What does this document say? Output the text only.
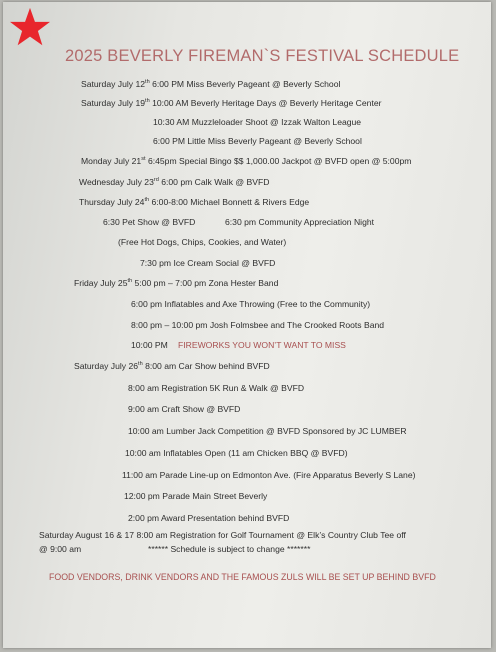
2025 BEVERLY FIREMAN`S FESTIVAL SCHEDULE
Saturday July 12th 6:00 PM Miss Beverly Pageant @ Beverly School
Saturday July 19th 10:00 AM Beverly Heritage Days @ Beverly Heritage Center
10:30 AM Muzzleloader Shoot @ Izzak Walton League
6:00 PM Little Miss Beverly Pageant @ Beverly School
Monday July 21st 6:45pm Special Bingo $$ 1,000.00 Jackpot @ BVFD open @ 5:00pm
Wednesday July 23rd 6:00 pm Calk Walk @ BVFD
Thursday July 24th 6:00-8:00 Michael Bonnett & Rivers Edge
6:30 Pet Show @ BVFD	6:30 pm Community Appreciation Night
(Free Hot Dogs, Chips, Cookies, and Water)
7:30 pm Ice Cream Social @ BVFD
Friday July 25th 5:00 pm – 7:00 pm Zona Hester Band
6:00 pm Inflatables and Axe Throwing (Free to the Community)
8:00 pm – 10:00 pm Josh Folmsbee and The Crooked Roots Band
10:00 PM FIREWORKS YOU WON’T WANT TO MISS
Saturday July 26th 8:00 am Car Show behind BVFD
8:00 am Registration 5K Run & Walk @ BVFD
9:00 am Craft Show @ BVFD
10:00 am Lumber Jack Competition @ BVFD Sponsored by JC LUMBER
10:00 am Inflatables Open (11 am Chicken BBQ @ BVFD)
11:00 am Parade Line-up on Edmonton Ave. (Fire Apparatus Beverly S Lane)
12:00 pm Parade Main Street Beverly
2:00 pm Award Presentation behind BVFD
Saturday August 16 & 17 8:00 am Registration for Golf Tournament @ Elk’s Country Club Tee off
@ 9:00 am	****** Schedule is subject to change *******
FOOD VENDORS, DRINK VENDORS AND THE FAMOUS ZULS WILL BE SET UP BEHIND BVFD
